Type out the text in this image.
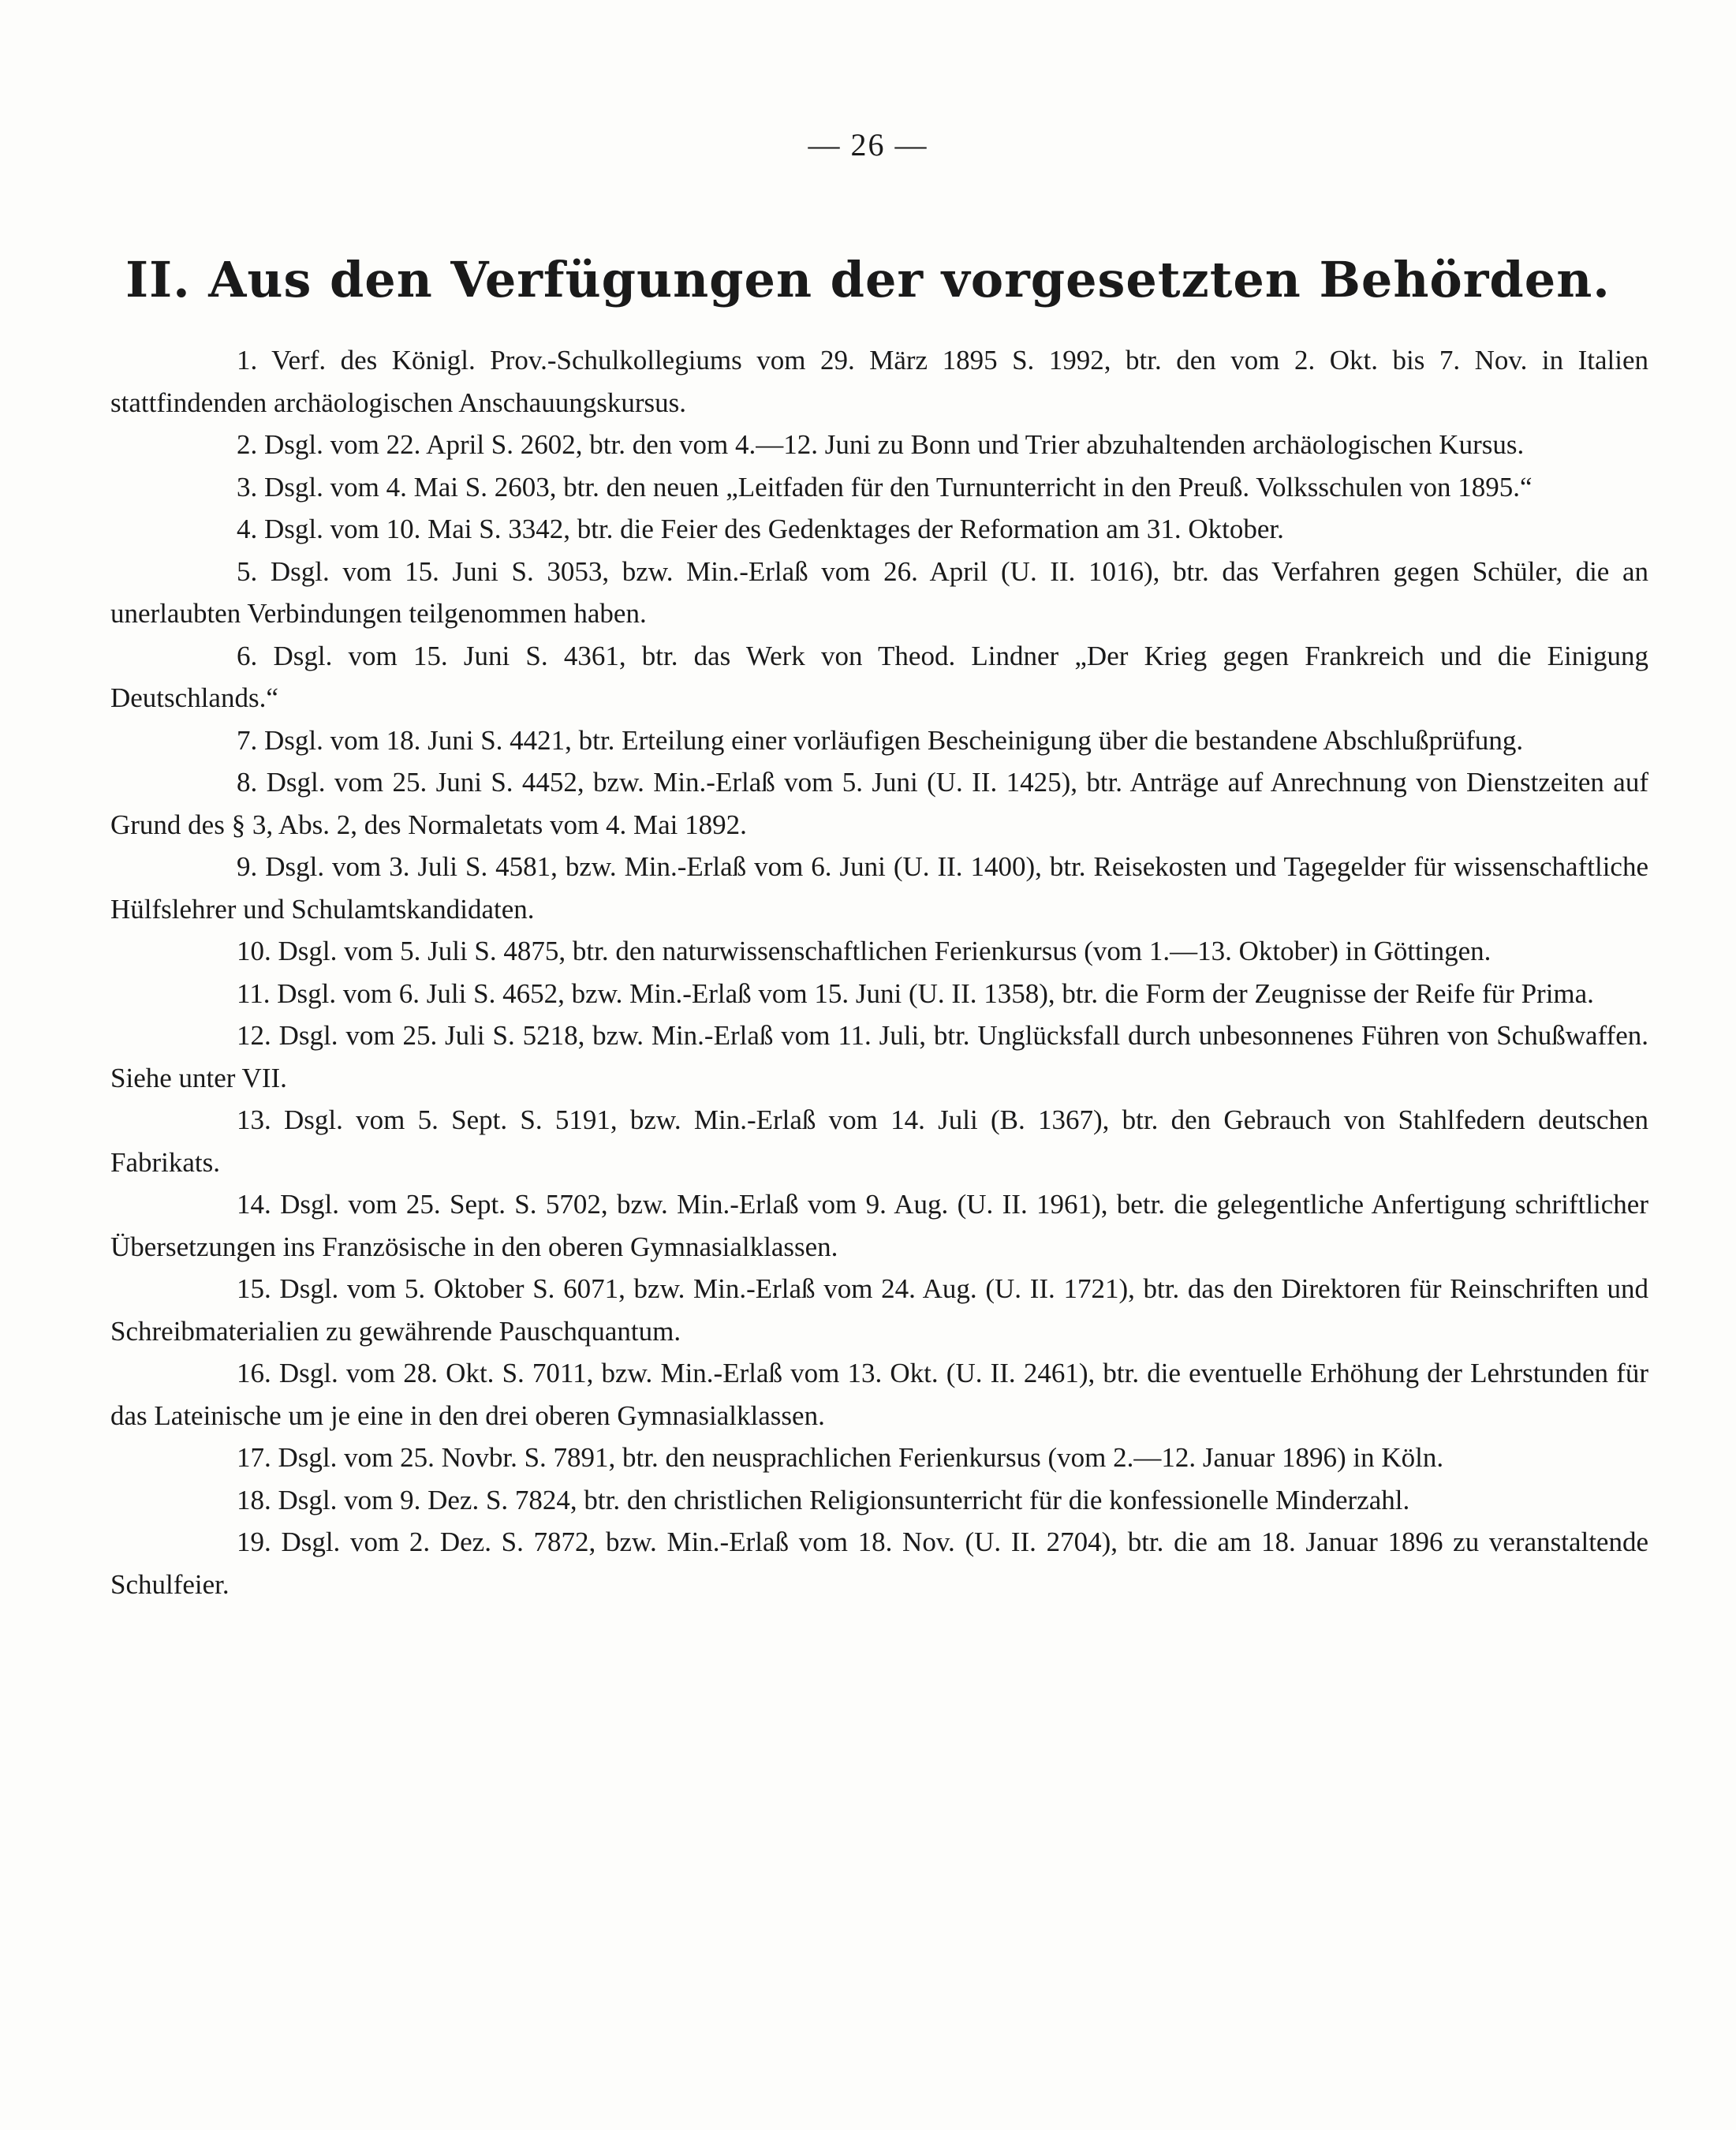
— 26 —
II. Aus den Verfügungen der vorgesetzten Behörden.
1. Verf. des Königl. Prov.-Schulkollegiums vom 29. März 1895 S. 1992, btr. den vom 2. Okt. bis 7. Nov. in Italien stattfindenden archäologischen Anschauungskursus.
2. Dsgl. vom 22. April S. 2602, btr. den vom 4.—12. Juni zu Bonn und Trier abzuhaltenden archäologischen Kursus.
3. Dsgl. vom 4. Mai S. 2603, btr. den neuen „Leitfaden für den Turnunterricht in den Preuß. Volksschulen von 1895.“
4. Dsgl. vom 10. Mai S. 3342, btr. die Feier des Gedenktages der Reformation am 31. Oktober.
5. Dsgl. vom 15. Juni S. 3053, bzw. Min.-Erlaß vom 26. April (U. II. 1016), btr. das Verfahren gegen Schüler, die an unerlaubten Verbindungen teilgenommen haben.
6. Dsgl. vom 15. Juni S. 4361, btr. das Werk von Theod. Lindner „Der Krieg gegen Frankreich und die Einigung Deutschlands.“
7. Dsgl. vom 18. Juni S. 4421, btr. Erteilung einer vorläufigen Bescheinigung über die bestandene Abschlußprüfung.
8. Dsgl. vom 25. Juni S. 4452, bzw. Min.-Erlaß vom 5. Juni (U. II. 1425), btr. Anträge auf Anrechnung von Dienstzeiten auf Grund des § 3, Abs. 2, des Normaletats vom 4. Mai 1892.
9. Dsgl. vom 3. Juli S. 4581, bzw. Min.-Erlaß vom 6. Juni (U. II. 1400), btr. Reisekosten und Tagegelder für wissenschaftliche Hülfslehrer und Schulamtskandidaten.
10. Dsgl. vom 5. Juli S. 4875, btr. den naturwissenschaftlichen Ferienkursus (vom 1.—13. Oktober) in Göttingen.
11. Dsgl. vom 6. Juli S. 4652, bzw. Min.-Erlaß vom 15. Juni (U. II. 1358), btr. die Form der Zeugnisse der Reife für Prima.
12. Dsgl. vom 25. Juli S. 5218, bzw. Min.-Erlaß vom 11. Juli, btr. Unglücksfall durch unbesonnenes Führen von Schußwaffen. Siehe unter VII.
13. Dsgl. vom 5. Sept. S. 5191, bzw. Min.-Erlaß vom 14. Juli (B. 1367), btr. den Gebrauch von Stahlfedern deutschen Fabrikats.
14. Dsgl. vom 25. Sept. S. 5702, bzw. Min.-Erlaß vom 9. Aug. (U. II. 1961), betr. die gelegentliche Anfertigung schriftlicher Übersetzungen ins Französische in den oberen Gymnasialklassen.
15. Dsgl. vom 5. Oktober S. 6071, bzw. Min.-Erlaß vom 24. Aug. (U. II. 1721), btr. das den Direktoren für Reinschriften und Schreibmaterialien zu gewährende Pauschquantum.
16. Dsgl. vom 28. Okt. S. 7011, bzw. Min.-Erlaß vom 13. Okt. (U. II. 2461), btr. die eventuelle Erhöhung der Lehrstunden für das Lateinische um je eine in den drei oberen Gymnasialklassen.
17. Dsgl. vom 25. Novbr. S. 7891, btr. den neusprachlichen Ferienkursus (vom 2.—12. Januar 1896) in Köln.
18. Dsgl. vom 9. Dez. S. 7824, btr. den christlichen Religionsunterricht für die konfessionelle Minderzahl.
19. Dsgl. vom 2. Dez. S. 7872, bzw. Min.-Erlaß vom 18. Nov. (U. II. 2704), btr. die am 18. Januar 1896 zu veranstaltende Schulfeier.
